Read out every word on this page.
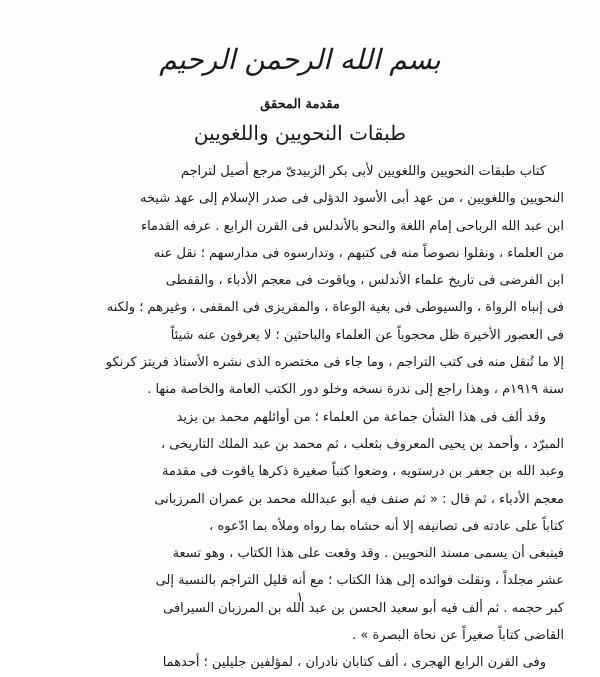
بسم الله الرحمن الرحيم
مقدمة المحقق
طبقات النحويين واللغويين
كتاب طبقات النحويين واللغويين لأبى بكر الزبيدىّ مرجع أصيل لتراجم
النحويين واللغويين ، من عهد أبى الأسود الدؤلى فى صدر الإسلام إلى عهد شيخه
ابن عبد الله الرباحى إمام اللغة والنحو بالأندلس فى القرن الرابع . عرفه القدماء
من العلماء ، ونقلوا نصوصاً منه فى كتبهم ، وتدارسوه فى مدارسهم ؛ نقل عنه
ابن الفرضى فى تاريخ علماء الأندلس ، وياقوت فى معجم الأدباء ، والقفطى
فى إنباه الرواة ، والسيوطى فى بغية الوعاة ، والمقريزى فى المقفى ، وغيرهم ؛ ولكنه
فى العصور الأخيرة ظل محجوباً عن العلماء والباحثين ؛ لا يعرفون عنه شيئاً
إلا ما تُنقل منه فى كتب التراجم ، وما جاء فى مختصره الذى نشره الأستاذ فريتز كرنكو
سنة ١٩١٩م ، وهذا راجع إلى ندرة نسخه وخلو دور الكتب العامة والخاصة منها .
وقد ألف فى هذا الشأن جماعة من العلماء ؛ من أوائلهم محمد بن يزيد
المبرّد ، وأحمد بن يحيى المعروف بثعلب ، ثم محمد بن عبد الملك التاريخى ،
وعبد الله بن جعفر بن درستويه ، وضعوا كتباً صغيرة ذكرها ياقوت فى مقدمة
معجم الأدباء ، ثم قال : « ثم صنف فيه أبو عبدالله محمد بن عمران المرزبانى
كتاباً على عادته فى تصانيفه إلا أنه حشاه بما رواه وملأه بما ادّعوه ،
فينبغى أن يسمى مسند النحويين . وقد وقعت على هذا الكتاب ، وهو تسعة
عشر مجلداً ، ونقلت فوائده إلى هذا الكتاب ؛ مع أنه قليل التراجم بالنسبة إلى
كبر حجمه . ثم ألف فيه أبو سعيد الحسن بن عبد الله بن المرزبان السيرافى
القاضى كتاباً صغيراً عن نحاة البصرة » .
وفى القرن الرابع الهجرى ، ألف كتابان نادران ، لمؤلفين جليلين ؛ أحدهما
١
